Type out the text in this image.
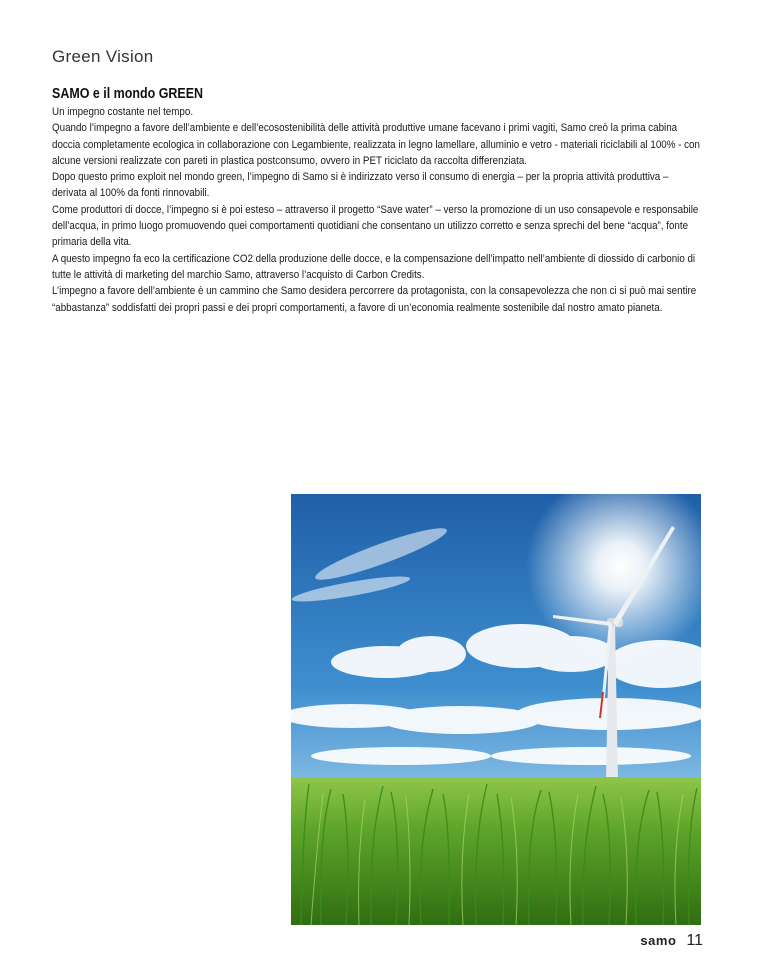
Green Vision
SAMO e il mondo GREEN

Un impegno costante nel tempo.

Quando l’impegno a favore dell’ambiente e dell’ecosostenibilità delle attività produttive umane facevano i primi vagiti, Samo creò la prima cabina doccia completamente ecologica in collaborazione con Legambiente, realizzata in legno lamellare, alluminio e vetro - materiali riciclabili al 100% - con alcune versioni realizzate con pareti in plastica postconsumo, ovvero in PET riciclato da raccolta differenziata.

Dopo questo primo exploit nel mondo green, l’impegno di Samo si è indirizzato verso il consumo di energia – per la propria attività produttiva – derivata al 100% da fonti rinnovabili.

Come produttori di docce, l’impegno si è poi esteso – attraverso il progetto “Save water” – verso la promozione di un uso consapevole e responsabile dell’acqua, in primo luogo promuovendo quei comportamenti quotidiani che consentano un utilizzo corretto e senza sprechi del bene “acqua”, fonte primaria della vita.

A questo impegno fa eco la certificazione CO2 della produzione delle docce, e la compensazione dell’impatto nell’ambiente di diossido di carbonio di tutte le attività di marketing del marchio Samo, attraverso l’acquisto di Carbon Credits.

L’impegno a favore dell’ambiente è un cammino che Samo desidera percorrere da protagonista, con la consapevolezza che non ci si può mai sentire “abbastanza” soddisfatti dei propri passi e dei propri comportamenti, a favore di un’economia realmente sostenibile dal nostro amato pianeta.

samo 11
